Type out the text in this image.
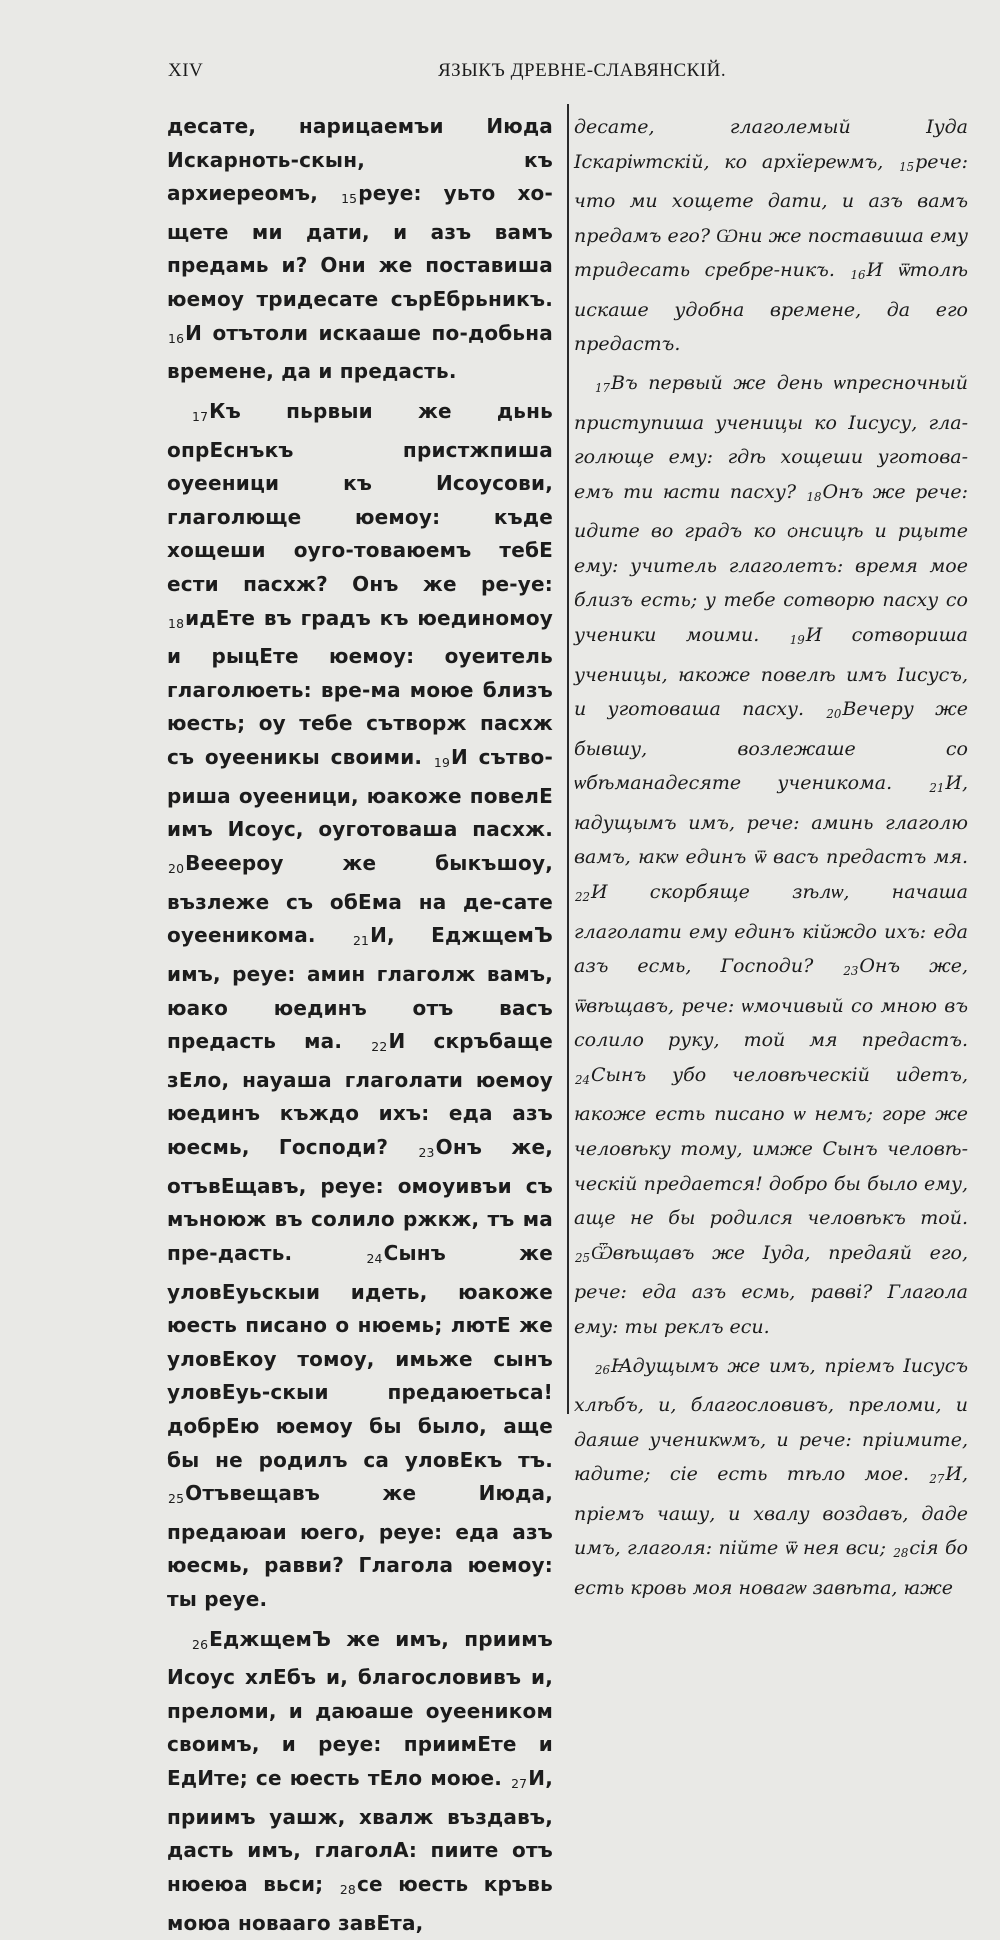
XIV	ЯЗЫКЪ ДРЕВНЕ-СЛАВЯНСКІЙ.

десате, нарицаемъи Июда Искарноть-скын, къ архиереомъ, 15реуе: уьто хо-щете ми дати, и азъ вамъ предамь и? Они же поставиша юемоу тридесате сърЕбрьникъ. 16И отътоли искааше по-добьна времене, да и предасть.

17Къ пьрвыи же дьнь опрЕснъкъ пристжпиша оуееници къ Исоусови, глаголюще юемоу: къде хощеши оуго-товаюемъ тебЕ ести пасхж? Онъ же ре-уе: 18идЕте въ градъ къ юединомоу и рыцЕте юемоу: оуеитель глаголюеть: вре-ма моюе близъ юесть; оу тебе сътворж пасхж съ оуееникы своими. 19И сътво-риша оуееници, юакоже повелЕ имъ Исоус, оуготоваша пасхж. 20Вееероу же быкъшоу, възлеже съ обЕма на де-сате оуееникома. 21И, ЕджщемЪ имъ, реуе: амин глаголж вамъ, юако юединъ отъ васъ предасть ма. 22И скръбаще зЕло, науаша глаголати юемоу юединъ къждо ихъ: еда азъ юесмь, Господи? 23Онъ же, отъвЕщавъ, реуе: омоуивъи съ мъноюж въ солило ржкж, тъ ма пре-дасть. 24Сынъ же уловЕуьскыи идеть, юакоже юесть писано о нюемь; лютЕ же уловЕкоу томоу, имьже сынъ уловЕуь-скыи предаюетьса! добрЕю юемоу бы было, аще бы не родилъ са уловЕкъ тъ. 25Отъвещавъ же Июда, предаюаи юего, реуе: еда азъ юесмь, равви? Глагола юемоу: ты реуе.

26ЕджщемЪ же имъ, приимъ Исоус хлЕбъ и, благословивъ и, преломи, и даюаше оуееником своимъ, и реуе: приимЕте и ЕдИте; се юесть тЕло моюе. 27И, приимъ уашж, хвалж въздавъ, дасть имъ, глаголА: пиите отъ нюеюа вьси; 28се юесть кръвь моюа новааго завЕта,

десате, глаголемый Іуда Іскаріѡтскій, ко архїереѡмъ, 15рече: что ми хощете дати, и азъ вамъ предамъ его? Ѡни же поставиша ему тридесать сребре-никъ. 16И ѿтолѣ искаше удобна времене, да его предастъ.

17Въ первый же день ѡпресночный приступиша ученицы ко Іисусу, гла-голюще ему: гдѣ хощеши уготова-емъ ти ꙗсти пасху? 18Онъ же рече: идите во градъ ко ѻнсицѣ и рцыте ему: учитель глаголетъ: время мое близъ есть; у тебе сотворю пасху со ученики моими. 19И сотвориша ученицы, ꙗкоже повелѣ имъ Іисусъ, и уготоваша пасху. 20Вечеру же бывшу, возлежаше со ѡбѣманадесяте ученикома. 21И, ꙗдущымъ имъ, рече: аминь глаголю вамъ, ꙗкѡ единъ ѿ васъ предастъ мя. 22И скорбяще зѣлѡ, начаша глаголати ему единъ кійждо ихъ: еда азъ есмь, Господи? 23Онъ же, ѿвѣщавъ, рече: ѡмочивый со мною въ солило руку, той мя предастъ. 24Сынъ убо человѣческій идетъ, ꙗкоже есть писано ѡ немъ; горе же человѣку тому, имже Сынъ человѣ-ческій предается! добро бы было ему, аще не бы родился человѣкъ той. 25Ѿвѣщавъ же Іуда, предаяй его, рече: еда азъ есмь, равві? Глагола ему: ты реклъ еси.

26Ꙗдущымъ же имъ, пріемъ Іисусъ хлѣбъ, и, благословивъ, преломи, и даяше ученикѡмъ, и рече: пріимите, ꙗдите; сіе есть тѣло мое. 27И, пріемъ чашу, и хвалу воздавъ, даде имъ, глаголя: пійте ѿ нея вси; 28сія бо есть кровь моя новагѡ завѣта, ꙗже
